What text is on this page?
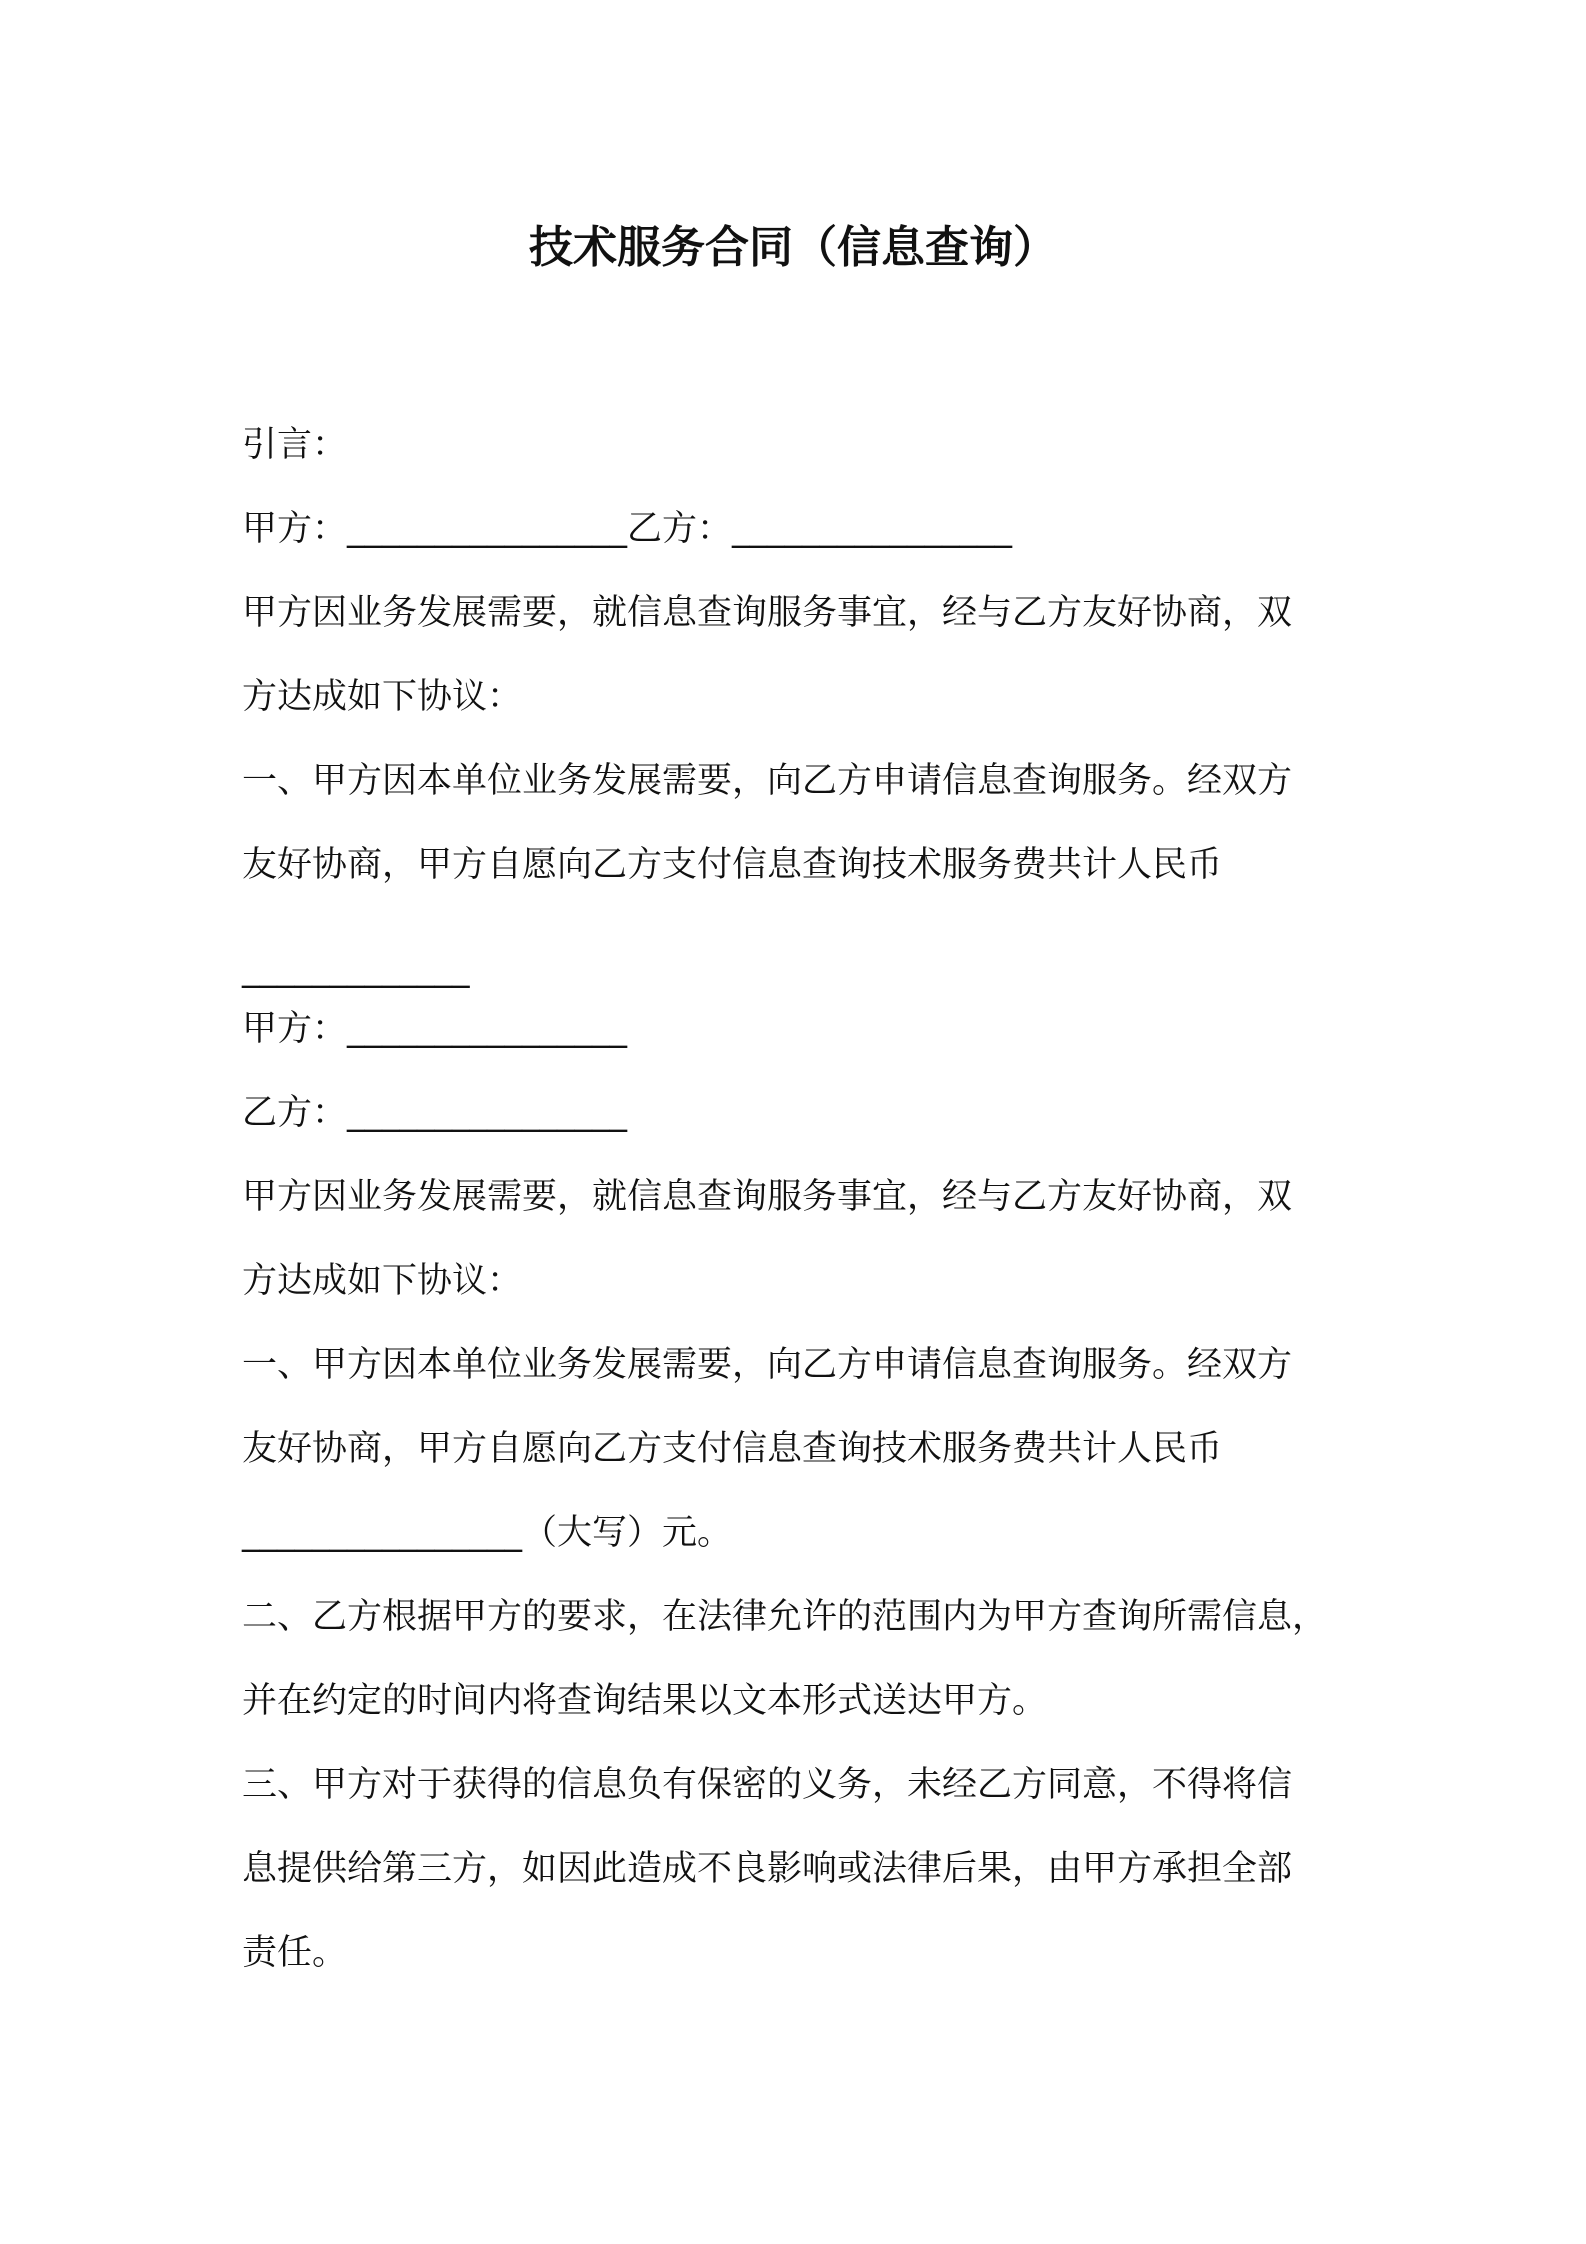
技术服务合同（信息查询）

引言：

甲方：________________乙方：________________

甲方因业务发展需要，就信息查询服务事宜，经与乙方友好协商，双

方达成如下协议：

一、甲方因本单位业务发展需要，向乙方申请信息查询服务。经双方

友好协商，甲方自愿向乙方支付信息查询技术服务费共计人民币

_____________

甲方：________________

乙方：________________

甲方因业务发展需要，就信息查询服务事宜，经与乙方友好协商，双

方达成如下协议：

一、甲方因本单位业务发展需要，向乙方申请信息查询服务。经双方

友好协商，甲方自愿向乙方支付信息查询技术服务费共计人民币

________________（大写）元。

二、乙方根据甲方的要求，在法律允许的范围内为甲方查询所需信息，

并在约定的时间内将查询结果以文本形式送达甲方。

三、甲方对于获得的信息负有保密的义务，未经乙方同意，不得将信

息提供给第三方，如因此造成不良影响或法律后果，由甲方承担全部

责任。
